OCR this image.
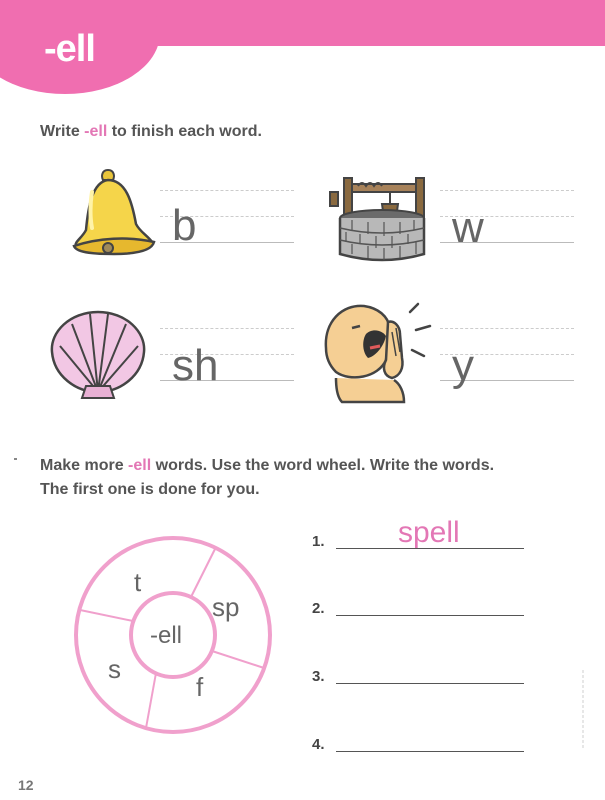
-ell
Write -ell to finish each word.
b	w
sh	y
Make more -ell words. Use the word wheel. Write the words.
The first one is done for you.
-ell
t
sp
f
s
1. spell
2.
3.
4.
12
